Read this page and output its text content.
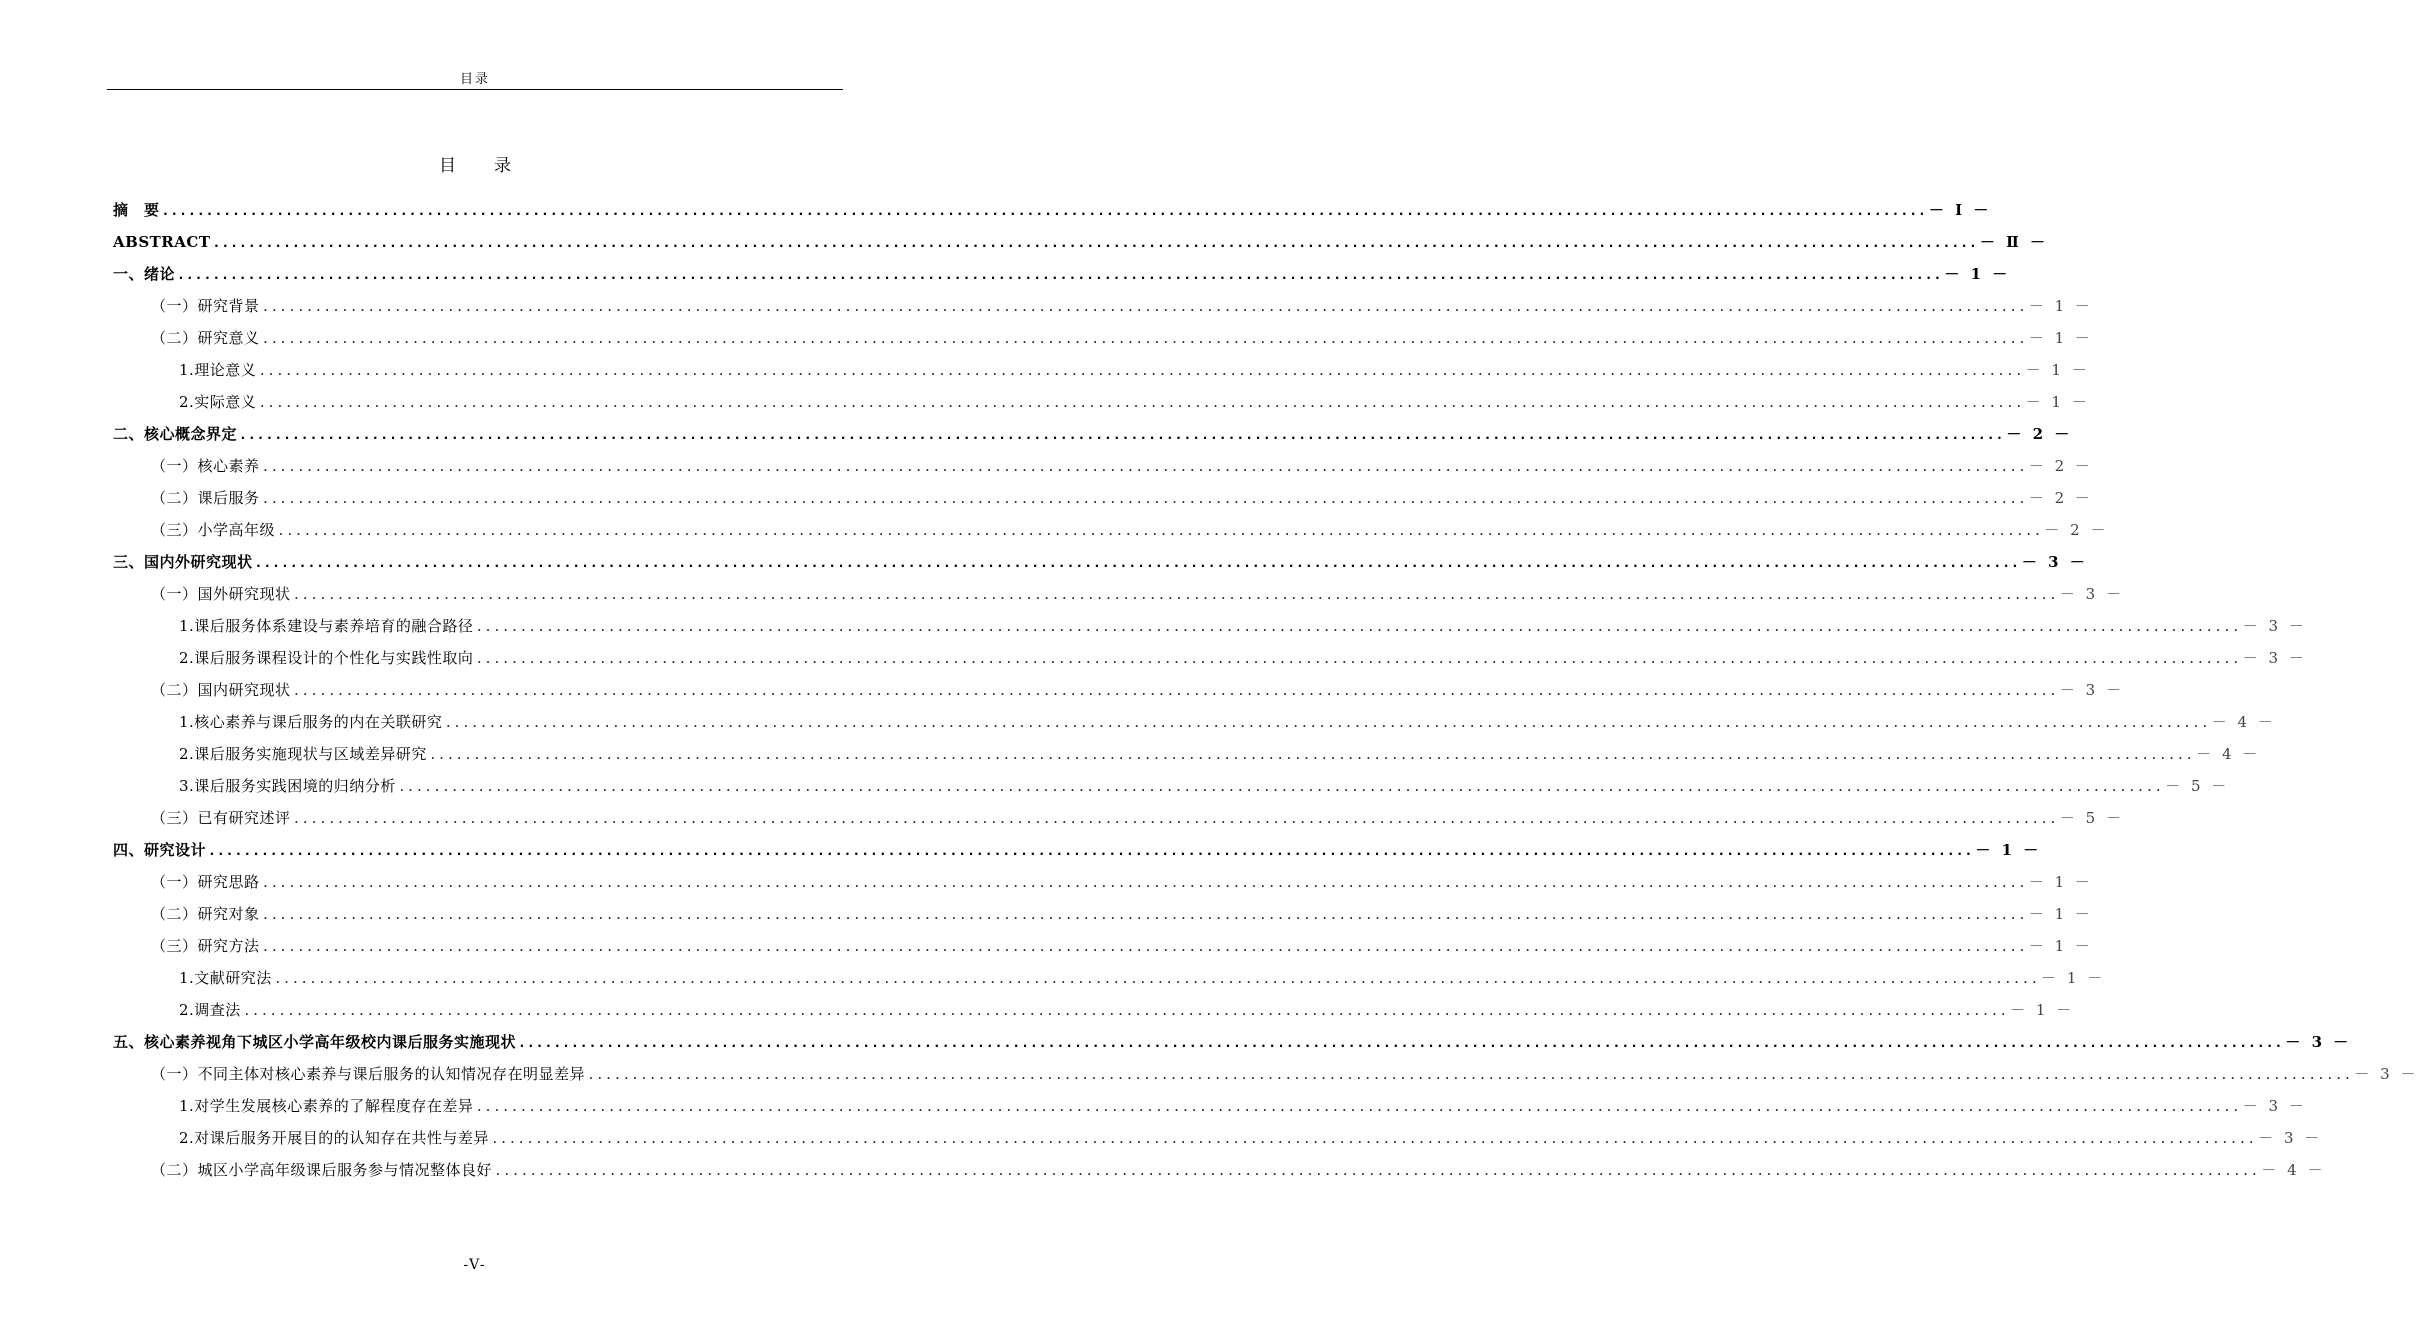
目录
目 录
摘　要 ........................................................................................................................................................................................................ － Ⅰ －
ABSTRACT ........................................................................................................................................................................................................ － Ⅱ －
一、绪论 ........................................................................................................................................................................................................ － 1 －
（一）研究背景 ........................................................................................................................................................................................................ － 1 －
（二）研究意义 ........................................................................................................................................................................................................ － 1 －
1.理论意义 ........................................................................................................................................................................................................ － 1 －
2.实际意义 ........................................................................................................................................................................................................ － 1 －
二、核心概念界定 ........................................................................................................................................................................................................ － 2 －
（一）核心素养 ........................................................................................................................................................................................................ － 2 －
（二）课后服务 ........................................................................................................................................................................................................ － 2 －
（三）小学高年级 ........................................................................................................................................................................................................ － 2 －
三、国内外研究现状 ........................................................................................................................................................................................................ － 3 －
（一）国外研究现状 ........................................................................................................................................................................................................ － 3 －
1.课后服务体系建设与素养培育的融合路径 ........................................................................................................................................................................................................ － 3 －
2.课后服务课程设计的个性化与实践性取向 ........................................................................................................................................................................................................ － 3 －
（二）国内研究现状 ........................................................................................................................................................................................................ － 3 －
1.核心素养与课后服务的内在关联研究 ........................................................................................................................................................................................................ － 4 －
2.课后服务实施现状与区域差异研究 ........................................................................................................................................................................................................ － 4 －
3.课后服务实践困境的归纳分析 ........................................................................................................................................................................................................ － 5 －
（三）已有研究述评 ........................................................................................................................................................................................................ － 5 －
四、研究设计 ........................................................................................................................................................................................................ － 1 －
（一）研究思路 ........................................................................................................................................................................................................ － 1 －
（二）研究对象 ........................................................................................................................................................................................................ － 1 －
（三）研究方法 ........................................................................................................................................................................................................ － 1 －
1.文献研究法 ........................................................................................................................................................................................................ － 1 －
2.调查法 ........................................................................................................................................................................................................ － 1 －
五、核心素养视角下城区小学高年级校内课后服务实施现状 ........................................................................................................................................................................................................ － 3 －
（一）不同主体对核心素养与课后服务的认知情况存在明显差异 ........................................................................................................................................................................................................ － 3 －
1.对学生发展核心素养的了解程度存在差异 ........................................................................................................................................................................................................ － 3 －
2.对课后服务开展目的的认知存在共性与差异 ........................................................................................................................................................................................................ － 3 －
（二）城区小学高年级课后服务参与情况整体良好 ........................................................................................................................................................................................................ － 4 －
-V-
